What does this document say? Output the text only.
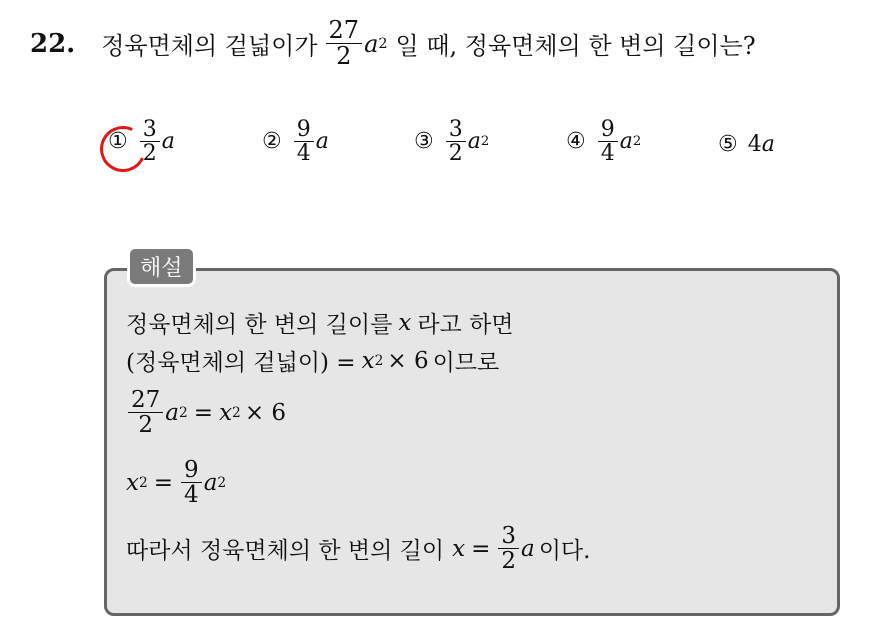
22. 정육면체의 겉넓이가 $\frac{27}{2}$ a 2 일 때, 정육면체의 한 변의 길이는?
① $\frac{3}{2}$ a	② $\frac{9}{4}$ a	③ $\frac{3}{2}$ a 2	④ $\frac{9}{4}$ a 2	⑤ 4 a
해설
정육면체의 한 변의 길이를 x 라고 하면
(정육면체의 겉넓이) = x 2 × 6 이므로
$\frac{27}{2}$ a 2 = x 2 × 6
x $2 = \frac{9}{4}$ a 2
따라서 정육면체의 한 변의 길이 $x = \frac{3}{2}$ a 이다.
